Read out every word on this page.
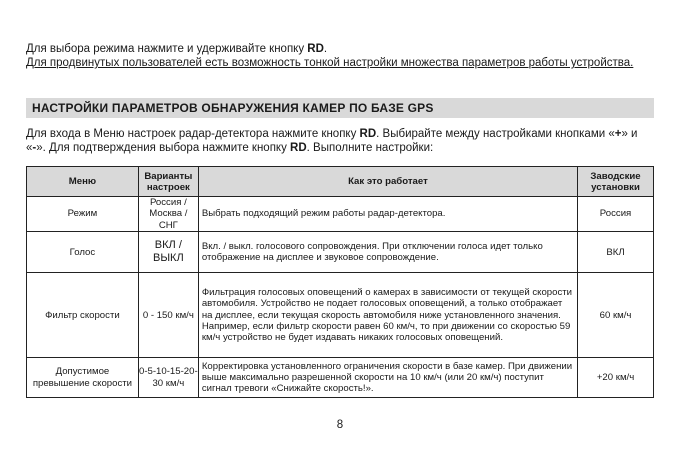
Для выбора режима нажмите и удерживайте кнопку RD.

Для продвинутых пользователей есть возможность тонкой настройки множества параметров работы устройства.

НАСТРОЙКИ ПАРАМЕТРОВ ОБНАРУЖЕНИЯ КАМЕР ПО БАЗЕ GPS
Для входа в Меню настроек радар-детектора нажмите кнопку RD. Выбирайте между настройками кнопками «+» и «-». Для подтверждения выбора нажмите кнопку RD. Выполните настройки:
Меню	Варианты настроек	Как это работает	Заводские установки
Режим	Россия / Москва / СНГ	Выбрать подходящий режим работы радар-детектора.	Россия
Голос	ВКЛ / ВЫКЛ	Вкл. / выкл. голосового сопровождения. При отключении голоса идет только отображение на дисплее и звуковое сопровождение.	ВКЛ
Фильтр скорости	0 - 150 км/ч	Фильтрация голосовых оповещений о камерах в зависимости от текущей скорости автомобиля. Устройство не подает голосовых оповещений, а только отображает на дисплее, если текущая скорость автомобиля ниже установленного значения. Например, если фильтр скорости равен 60 км/ч, то при движении со скоростью 59 км/ч устройство не будет издавать никаких голосовых оповещений.	60 км/ч
Допустимое превышение скорости	0-5-10-15-20-30 км/ч	Корректировка установленного ограничения скорости в базе камер. При движении выше максимально разрешенной скорости на 10 км/ч (или 20 км/ч) поступит сигнал тревоги «Снижайте скорость!».	+20 км/ч
8
